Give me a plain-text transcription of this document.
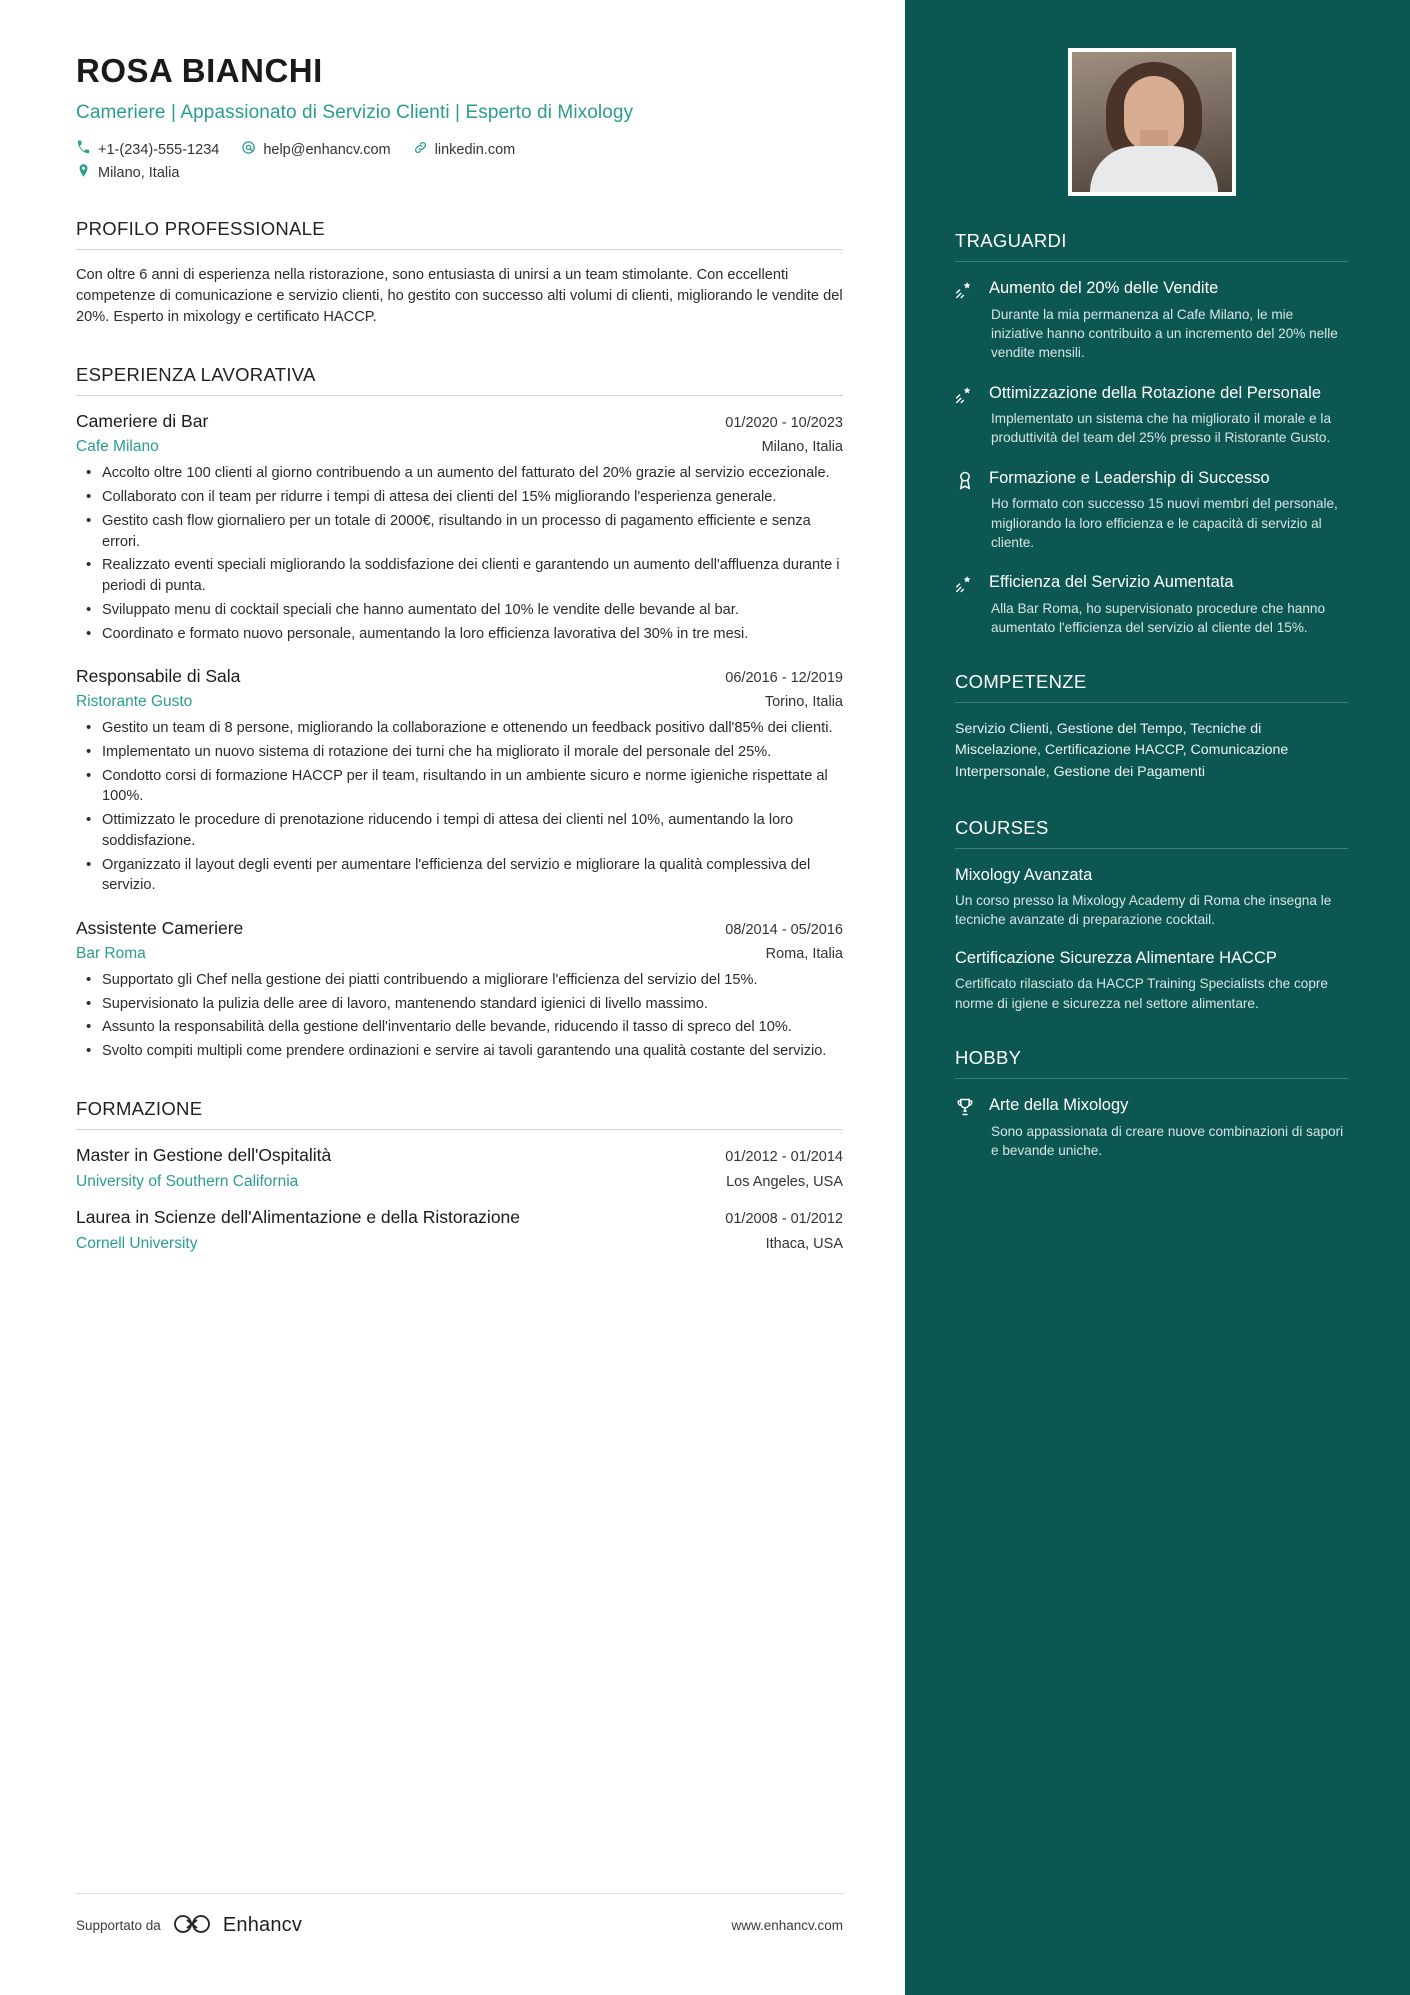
ROSA BIANCHI
Cameriere | Appassionato di Servizio Clienti | Esperto di Mixology
+1-(234)-555-1234	help@enhancv.com	linkedin.com
Milano, Italia
PROFILO PROFESSIONALE
Con oltre 6 anni di esperienza nella ristorazione, sono entusiasta di unirsi a un team stimolante. Con eccellenti competenze di comunicazione e servizio clienti, ho gestito con successo alti volumi di clienti, migliorando le vendite del 20%. Esperto in mixology e certificato HACCP.
ESPERIENZA LAVORATIVA
Cameriere di Bar	01/2020 - 10/2023
Cafe Milano	Milano, Italia
• Accolto oltre 100 clienti al giorno contribuendo a un aumento del fatturato del 20% grazie al servizio eccezionale.
• Collaborato con il team per ridurre i tempi di attesa dei clienti del 15% migliorando l'esperienza generale.
• Gestito cash flow giornaliero per un totale di 2000€, risultando in un processo di pagamento efficiente e senza errori.
• Realizzato eventi speciali migliorando la soddisfazione dei clienti e garantendo un aumento dell'affluenza durante i periodi di punta.
• Sviluppato menu di cocktail speciali che hanno aumentato del 10% le vendite delle bevande al bar.
• Coordinato e formato nuovo personale, aumentando la loro efficienza lavorativa del 30% in tre mesi.
Responsabile di Sala	06/2016 - 12/2019
Ristorante Gusto	Torino, Italia
• Gestito un team di 8 persone, migliorando la collaborazione e ottenendo un feedback positivo dall'85% dei clienti.
• Implementato un nuovo sistema di rotazione dei turni che ha migliorato il morale del personale del 25%.
• Condotto corsi di formazione HACCP per il team, risultando in un ambiente sicuro e norme igieniche rispettate al 100%.
• Ottimizzato le procedure di prenotazione riducendo i tempi di attesa dei clienti nel 10%, aumentando la loro soddisfazione.
• Organizzato il layout degli eventi per aumentare l'efficienza del servizio e migliorare la qualità complessiva del servizio.
Assistente Cameriere	08/2014 - 05/2016
Bar Roma	Roma, Italia
• Supportato gli Chef nella gestione dei piatti contribuendo a migliorare l'efficienza del servizio del 15%.
• Supervisionato la pulizia delle aree di lavoro, mantenendo standard igienici di livello massimo.
• Assunto la responsabilità della gestione dell'inventario delle bevande, riducendo il tasso di spreco del 10%.
• Svolto compiti multipli come prendere ordinazioni e servire ai tavoli garantendo una qualità costante del servizio.
FORMAZIONE
Master in Gestione dell'Ospitalità	01/2012 - 01/2014
University of Southern California	Los Angeles, USA
Laurea in Scienze dell'Alimentazione e della Ristorazione	01/2008 - 01/2012
Cornell University	Ithaca, USA
Supportato da	Enhancv	www.enhancv.com
TRAGUARDI
Aumento del 20% delle Vendite
Durante la mia permanenza al Cafe Milano, le mie iniziative hanno contribuito a un incremento del 20% nelle vendite mensili.
Ottimizzazione della Rotazione del Personale
Implementato un sistema che ha migliorato il morale e la produttività del team del 25% presso il Ristorante Gusto.
Formazione e Leadership di Successo
Ho formato con successo 15 nuovi membri del personale, migliorando la loro efficienza e le capacità di servizio al cliente.
Efficienza del Servizio Aumentata
Alla Bar Roma, ho supervisionato procedure che hanno aumentato l'efficienza del servizio al cliente del 15%.
COMPETENZE
Servizio Clienti, Gestione del Tempo, Tecniche di Miscelazione, Certificazione HACCP, Comunicazione Interpersonale, Gestione dei Pagamenti
COURSES
Mixology Avanzata
Un corso presso la Mixology Academy di Roma che insegna le tecniche avanzate di preparazione cocktail.
Certificazione Sicurezza Alimentare HACCP
Certificato rilasciato da HACCP Training Specialists che copre norme di igiene e sicurezza nel settore alimentare.
HOBBY
Arte della Mixology
Sono appassionata di creare nuove combinazioni di sapori e bevande uniche.
